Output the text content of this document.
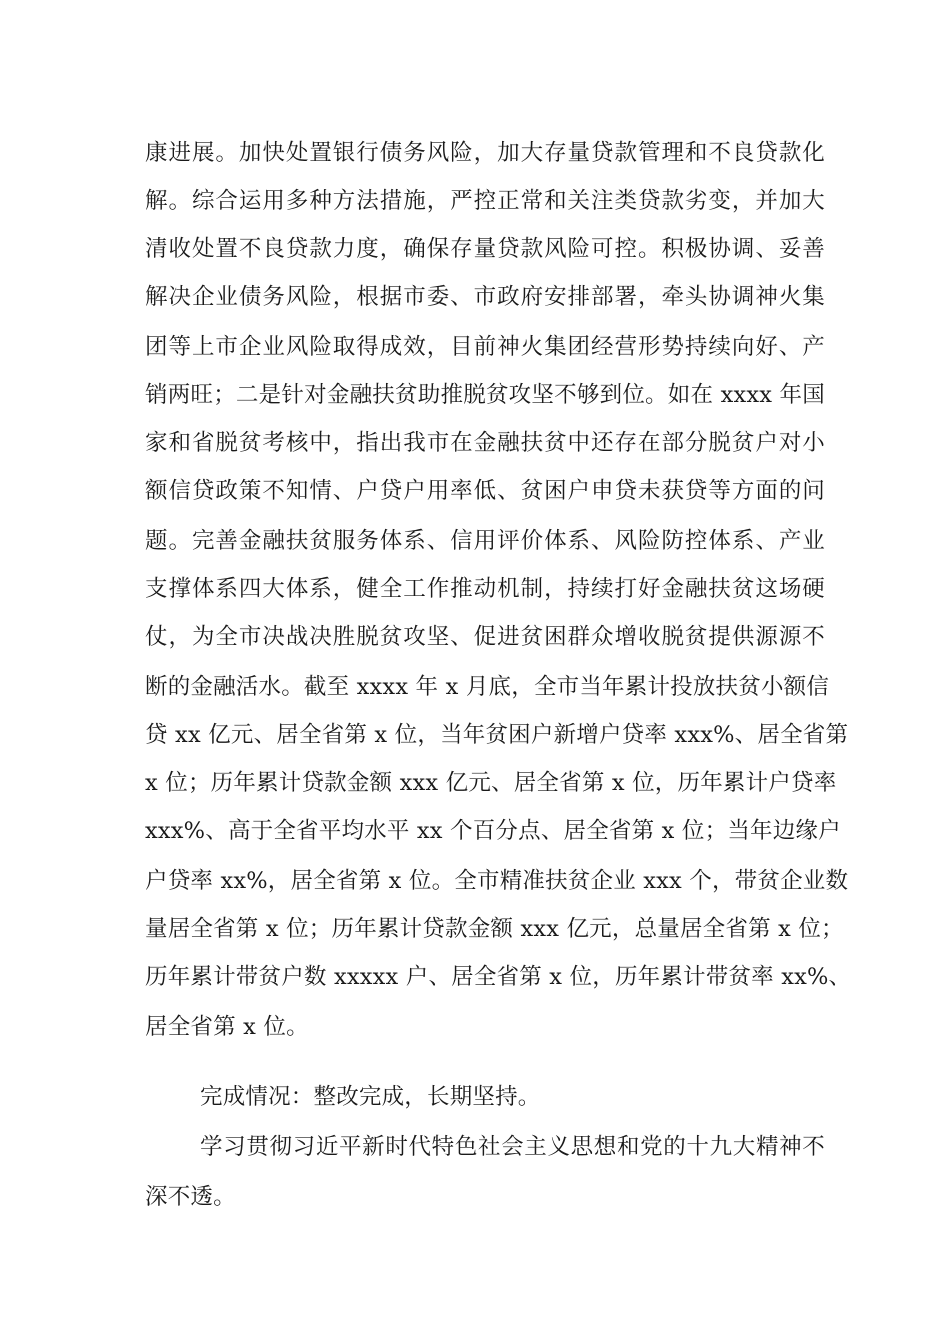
康进展。加快处置银行债务风险，加大存量贷款管理和不良贷款化
解。综合运用多种方法措施，严控正常和关注类贷款劣变，并加大
清收处置不良贷款力度，确保存量贷款风险可控。积极协调、妥善
解决企业债务风险，根据市委、市政府安排部署，牵头协调神火集
团等上市企业风险取得成效，目前神火集团经营形势持续向好、产
销两旺；二是针对金融扶贫助推脱贫攻坚不够到位。如在 xxxx 年国
家和省脱贫考核中，指出我市在金融扶贫中还存在部分脱贫户对小
额信贷政策不知情、户贷户用率低、贫困户申贷未获贷等方面的问
题。完善金融扶贫服务体系、信用评价体系、风险防控体系、产业
支撑体系四大体系，健全工作推动机制，持续打好金融扶贫这场硬
仗，为全市决战决胜脱贫攻坚、促进贫困群众增收脱贫提供源源不
断的金融活水。截至 xxxx 年 x 月底，全市当年累计投放扶贫小额信
贷 xx 亿元、居全省第 x 位，当年贫困户新增户贷率 xxx%、居全省第
x 位；历年累计贷款金额 xxx 亿元、居全省第 x 位，历年累计户贷率
xxx%、高于全省平均水平 xx 个百分点、居全省第 x 位；当年边缘户
户贷率 xx%，居全省第 x 位。全市精准扶贫企业 xxx 个，带贫企业数
量居全省第 x 位；历年累计贷款金额 xxx 亿元，总量居全省第 x 位；
历年累计带贫户数 xxxxx 户、居全省第 x 位，历年累计带贫率 xx%、
居全省第 x 位。
完成情况：整改完成，长期坚持。
学习贯彻习近平新时代特色社会主义思想和党的十九大精神不
深不透。
